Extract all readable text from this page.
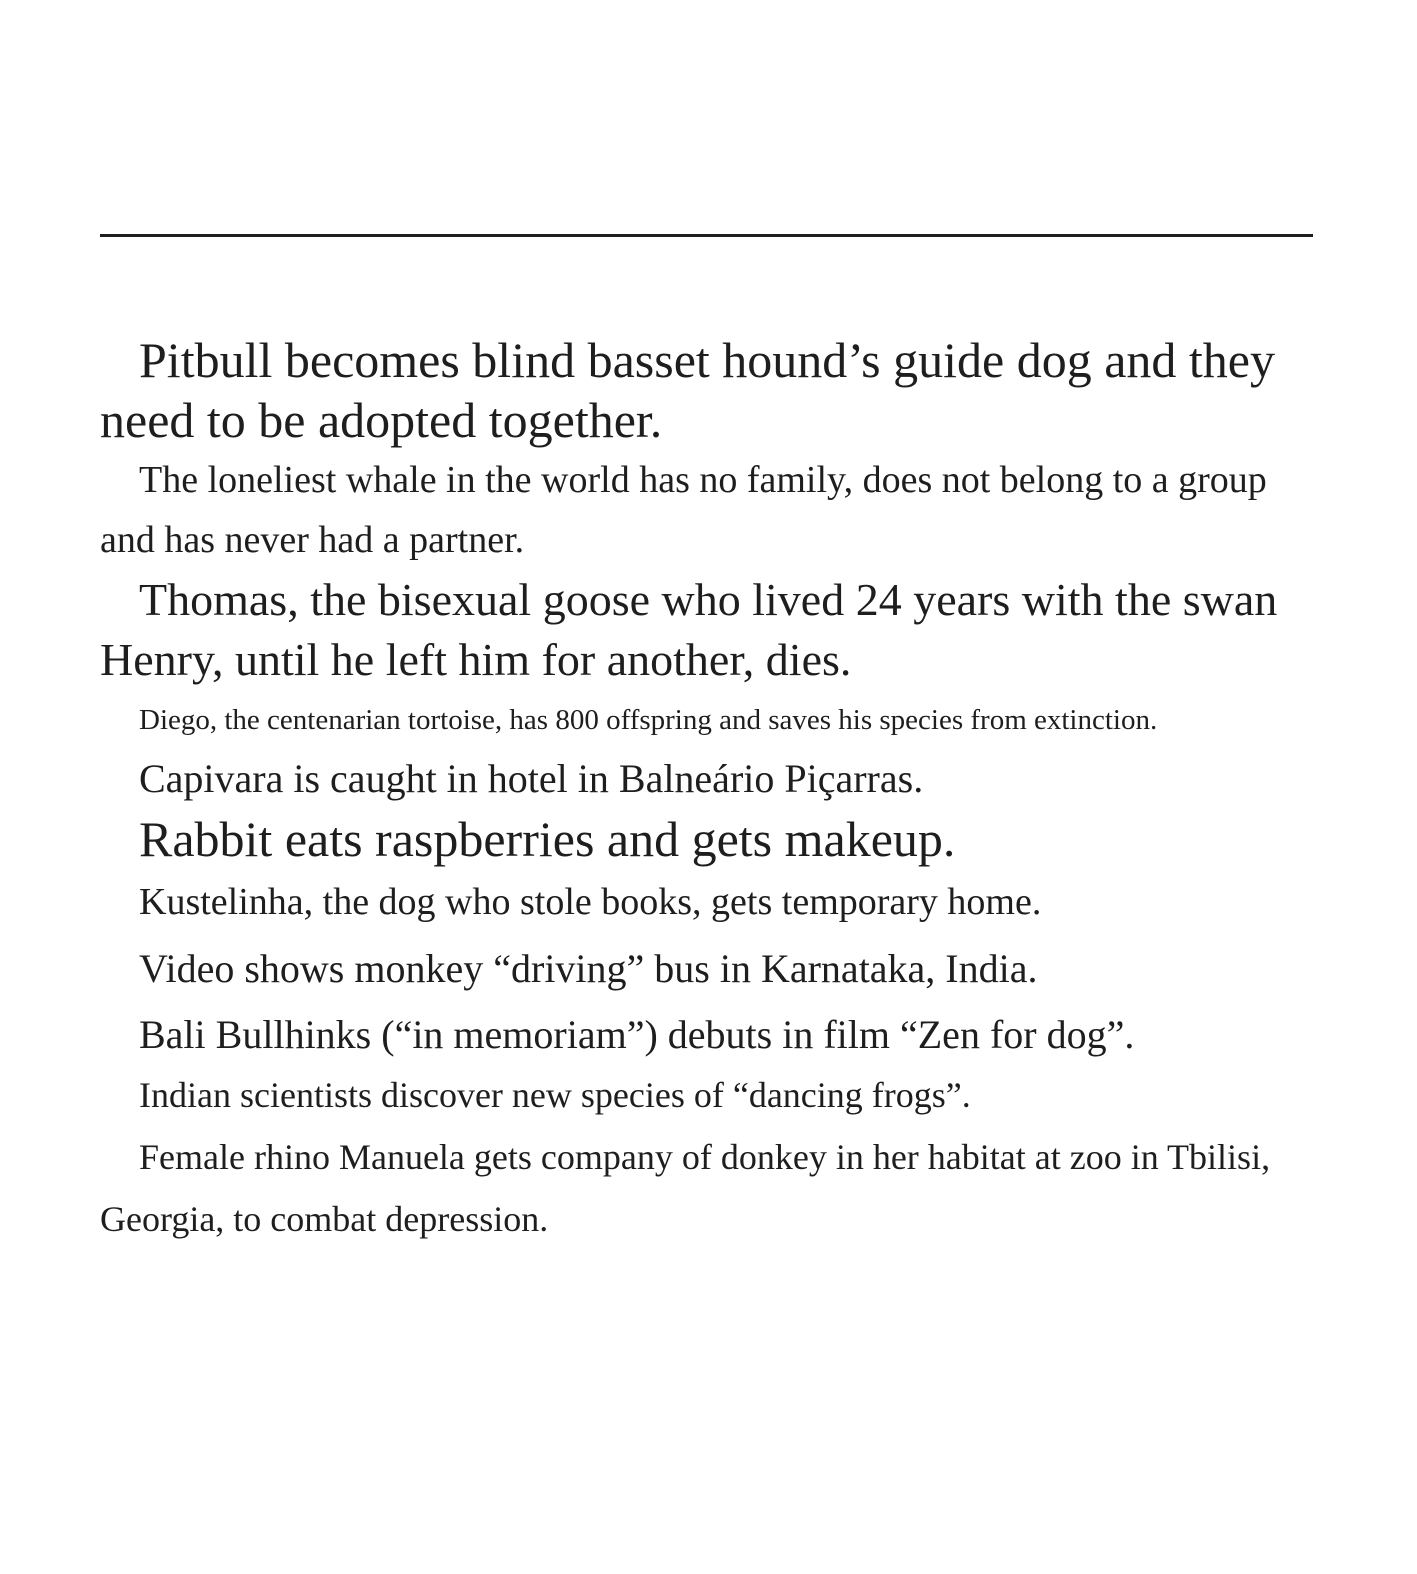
Pitbull becomes blind basset hound’s guide dog and they need to be adopted together.

The loneliest whale in the world has no family, does not belong to a group and has never had a partner.

Thomas, the bisexual goose who lived 24 years with the swan Henry, until he left him for another, dies.

Diego, the centenarian tortoise, has 800 offspring and saves his species from extinction.

Capivara is caught in hotel in Balneário Piçarras.

Rabbit eats raspberries and gets makeup.

Kustelinha, the dog who stole books, gets temporary home.

Video shows monkey “driving” bus in Karnataka, India.

Bali Bullhinks (“in memoriam”) debuts in film “Zen for dog”.

Indian scientists discover new species of “dancing frogs”.

Female rhino Manuela gets company of donkey in her habitat at zoo in Tbilisi, Georgia, to combat depression.
